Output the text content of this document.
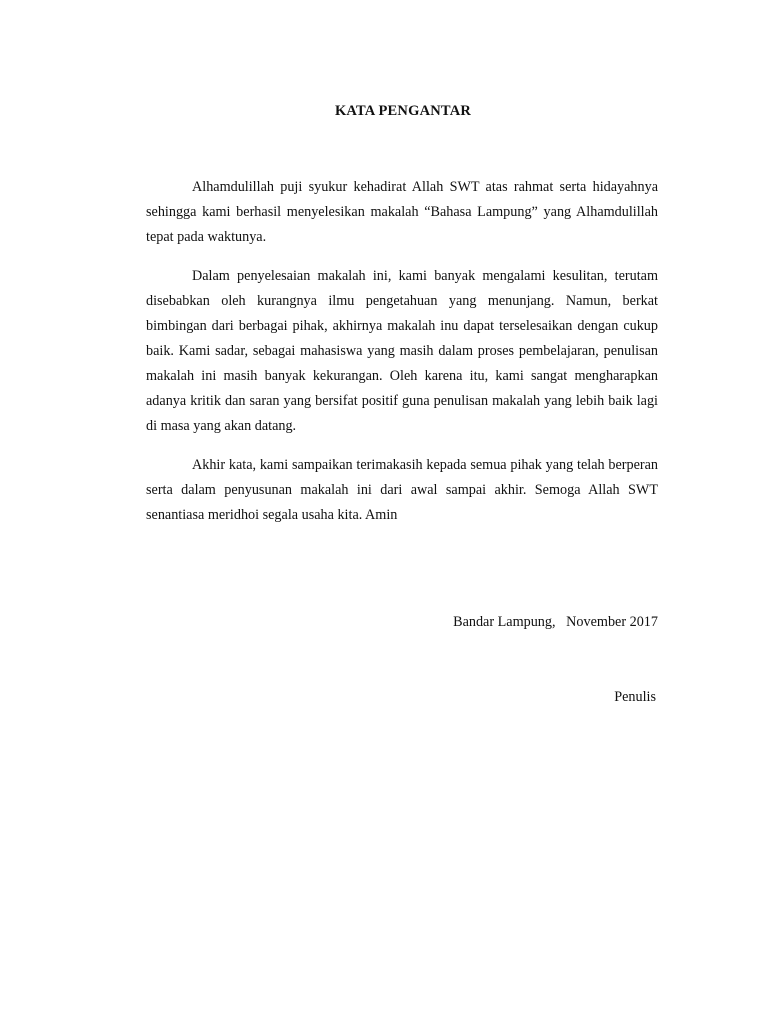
KATA PENGANTAR

Alhamdulillah puji syukur kehadirat Allah SWT atas rahmat serta hidayahnya sehingga kami berhasil menyelesikan makalah “Bahasa Lampung” yang Alhamdulillah tepat pada waktunya.

Dalam penyelesaian makalah ini, kami banyak mengalami kesulitan, terutam disebabkan oleh kurangnya ilmu pengetahuan yang menunjang. Namun, berkat bimbingan dari berbagai pihak, akhirnya makalah inu dapat terselesaikan dengan cukup baik. Kami sadar, sebagai mahasiswa yang masih dalam proses pembelajaran, penulisan makalah ini masih banyak kekurangan. Oleh karena itu, kami sangat mengharapkan adanya kritik dan saran yang bersifat positif guna penulisan makalah yang lebih baik lagi di masa yang akan datang.

Akhir kata, kami sampaikan terimakasih kepada semua pihak yang telah berperan serta dalam penyusunan makalah ini dari awal sampai akhir. Semoga Allah SWT senantiasa meridhoi segala usaha kita. Amin

Bandar Lampung,   November 2017

Penulis
